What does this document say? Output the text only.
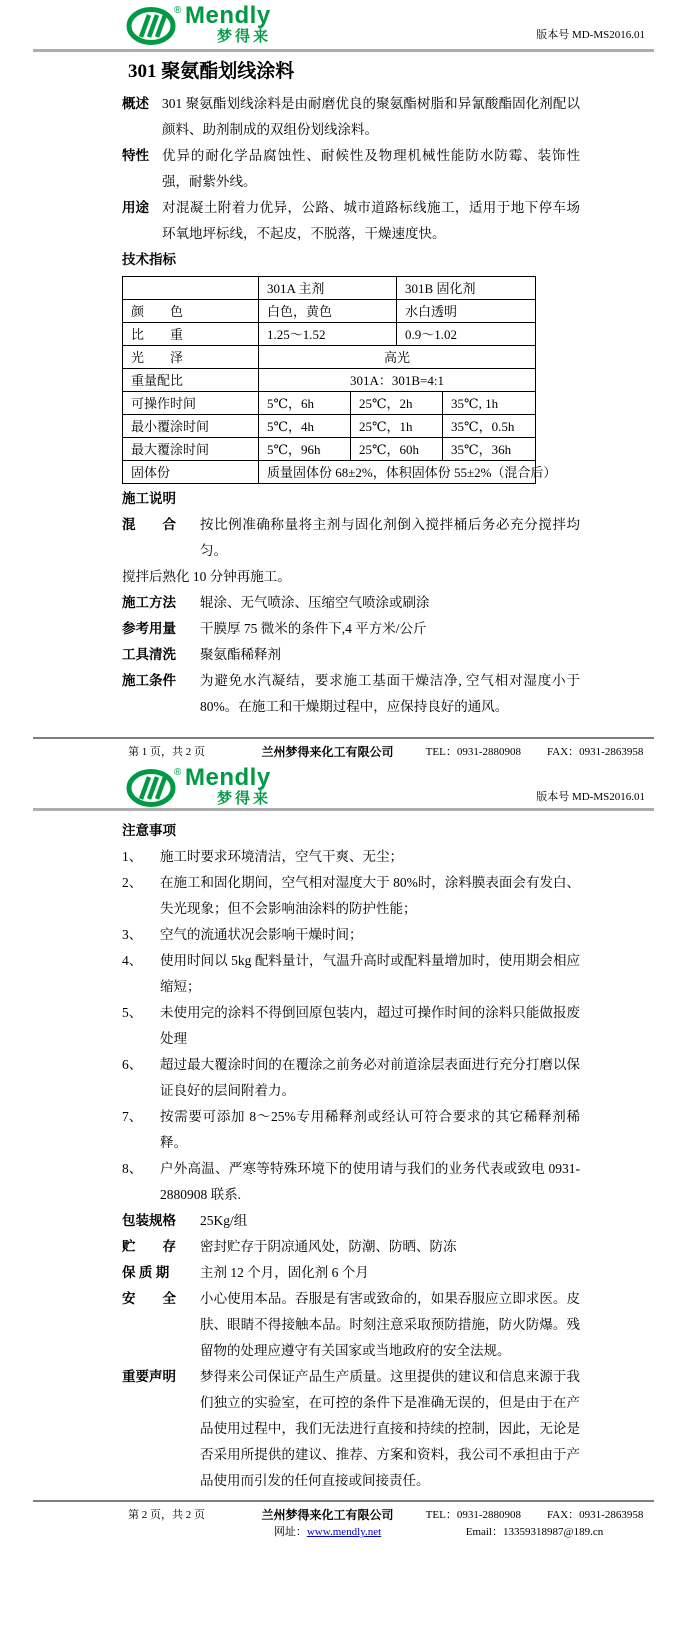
® Mendly
梦得来	版本号 MD-MS2016.01
301 聚氨酯划线涂料
概述 301 聚氨酯划线涂料是由耐磨优良的聚氨酯树脂和异氰酸酯固化剂配以颜料、助剂制成的双组份划线涂料。
特性 优异的耐化学品腐蚀性、耐候性及物理机械性能防水防霉、装饰性强，耐紫外线。
用途 对混凝土附着力优异，公路、城市道路标线施工，适用于地下停车场环氧地坪标线，不起皮，不脱落，干燥速度快。
技术指标
	301A 主剂		301B 固化剂	
颜　　色	白色，黄色		水白透明	
比　　重	1.25～1.52		0.9～1.02	
光　　泽	高光			
重量配比	301A：301B=4:1			
可操作时间	5℃，6h	25℃，2h		35℃, 1h
最小覆涂时间	5℃，4h	25℃，1h		35℃，0.5h
最大覆涂时间	5℃，96h	25℃，60h		35℃，36h
固体份	质量固体份 68±2%，体积固体份 55±2%（混合后）			
施工说明
混　　合	按比例准确称量将主剂与固化剂倒入搅拌桶后务必充分搅拌均匀。
搅拌后熟化 10 分钟再施工。
施工方法	辊涂、无气喷涂、压缩空气喷涂或刷涂
参考用量	干膜厚 75 微米的条件下,4 平方米/公斤
工具清洗	聚氨酯稀释剂
施工条件	为避免水汽凝结，要求施工基面干燥洁净, 空气相对湿度小于 80%。在施工和干燥期过程中，应保持良好的通风。
第 1 页，共 2 页	兰州梦得来化工有限公司	TEL：0931-2880908 FAX：0931-2863958
® Mendly
梦得来	版本号 MD-MS2016.01
注意事项
1、	施工时要求环境清洁，空气干爽、无尘；
2、	在施工和固化期间，空气相对湿度大于 80%时，涂料膜表面会有发白、失光现象；但不会影响油涂料的防护性能；
3、	空气的流通状况会影响干燥时间；
4、	使用时间以 5kg 配料量计，气温升高时或配料量增加时，使用期会相应缩短；
5、	未使用完的涂料不得倒回原包装内，超过可操作时间的涂料只能做报废处理
6、	超过最大覆涂时间的在覆涂之前务必对前道涂层表面进行充分打磨以保证良好的层间附着力。
7、	按需要可添加 8～25%专用稀释剂或经认可符合要求的其它稀释剂稀释。
8、	户外高温、严寒等特殊环境下的使用请与我们的业务代表或致电 0931-2880908 联系.
包装规格	25Kg/组
贮　　存	密封贮存于阴凉通风处，防潮、防晒、防冻
保 质 期	主剂 12 个月，固化剂 6 个月
安　　全	小心使用本品。吞服是有害或致命的，如果吞服应立即求医。皮肤、眼睛不得接触本品。时刻注意采取预防措施，防火防爆。残留物的处理应遵守有关国家或当地政府的安全法规。
重要声明	梦得来公司保证产品生产质量。这里提供的建议和信息来源于我们独立的实验室，在可控的条件下是准确无误的，但是由于在产品使用过程中，我们无法进行直接和持续的控制，因此，无论是否采用所提供的建议、推荐、方案和资料，我公司不承担由于产品使用而引发的任何直接或间接责任。
第 2 页，共 2 页	兰州梦得来化工有限公司
网址：www.mendly.net
TEL：0931-2880908 FAX：0931-2863958
Email：13359318987@189.cn
